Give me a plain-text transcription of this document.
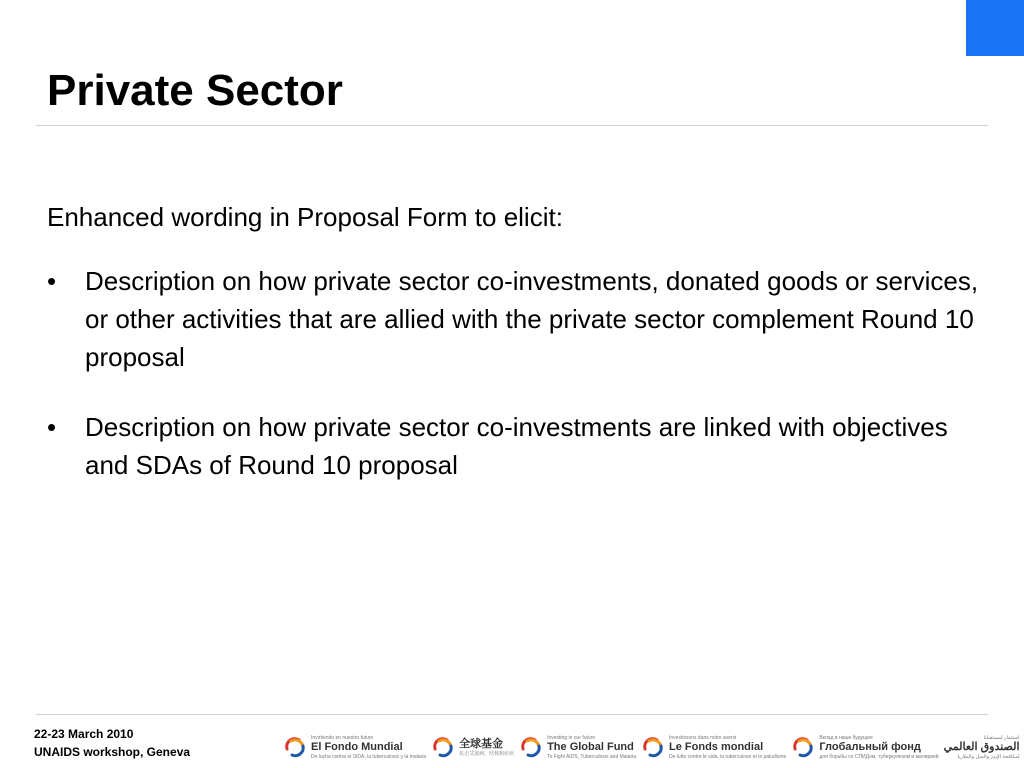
Private Sector
Enhanced wording in Proposal Form to elicit:
•	Description on how private sector co-investments, donated goods or services, or other activities that are allied with the private sector complement Round 10 proposal
•	Description on how private sector co-investments are linked with objectives and SDAs of Round 10 proposal
22-23 March 2010
UNAIDS workshop, Geneva
Invirtiendo en nuestro futuro
El Fondo Mundial
De lucha contra el SIDA, la tuberculosis y la malaria
全球基金
抗击艾滋病、结核和疟疾
Investing in our future
The Global Fund
To Fight AIDS, Tuberculosis and Malaria
Investissons dans notre avenir
Le Fonds mondial
De lutte contre le sida, la tuberculose et le paludisme
Вклад в наше будущее
Глобальный фонд
для борьбы со СПИДом, туберкулезом и малярией
استثمار لمستقبلنا
الصندوق العالمي
لمكافحة الإيدز والسل والملاريا
